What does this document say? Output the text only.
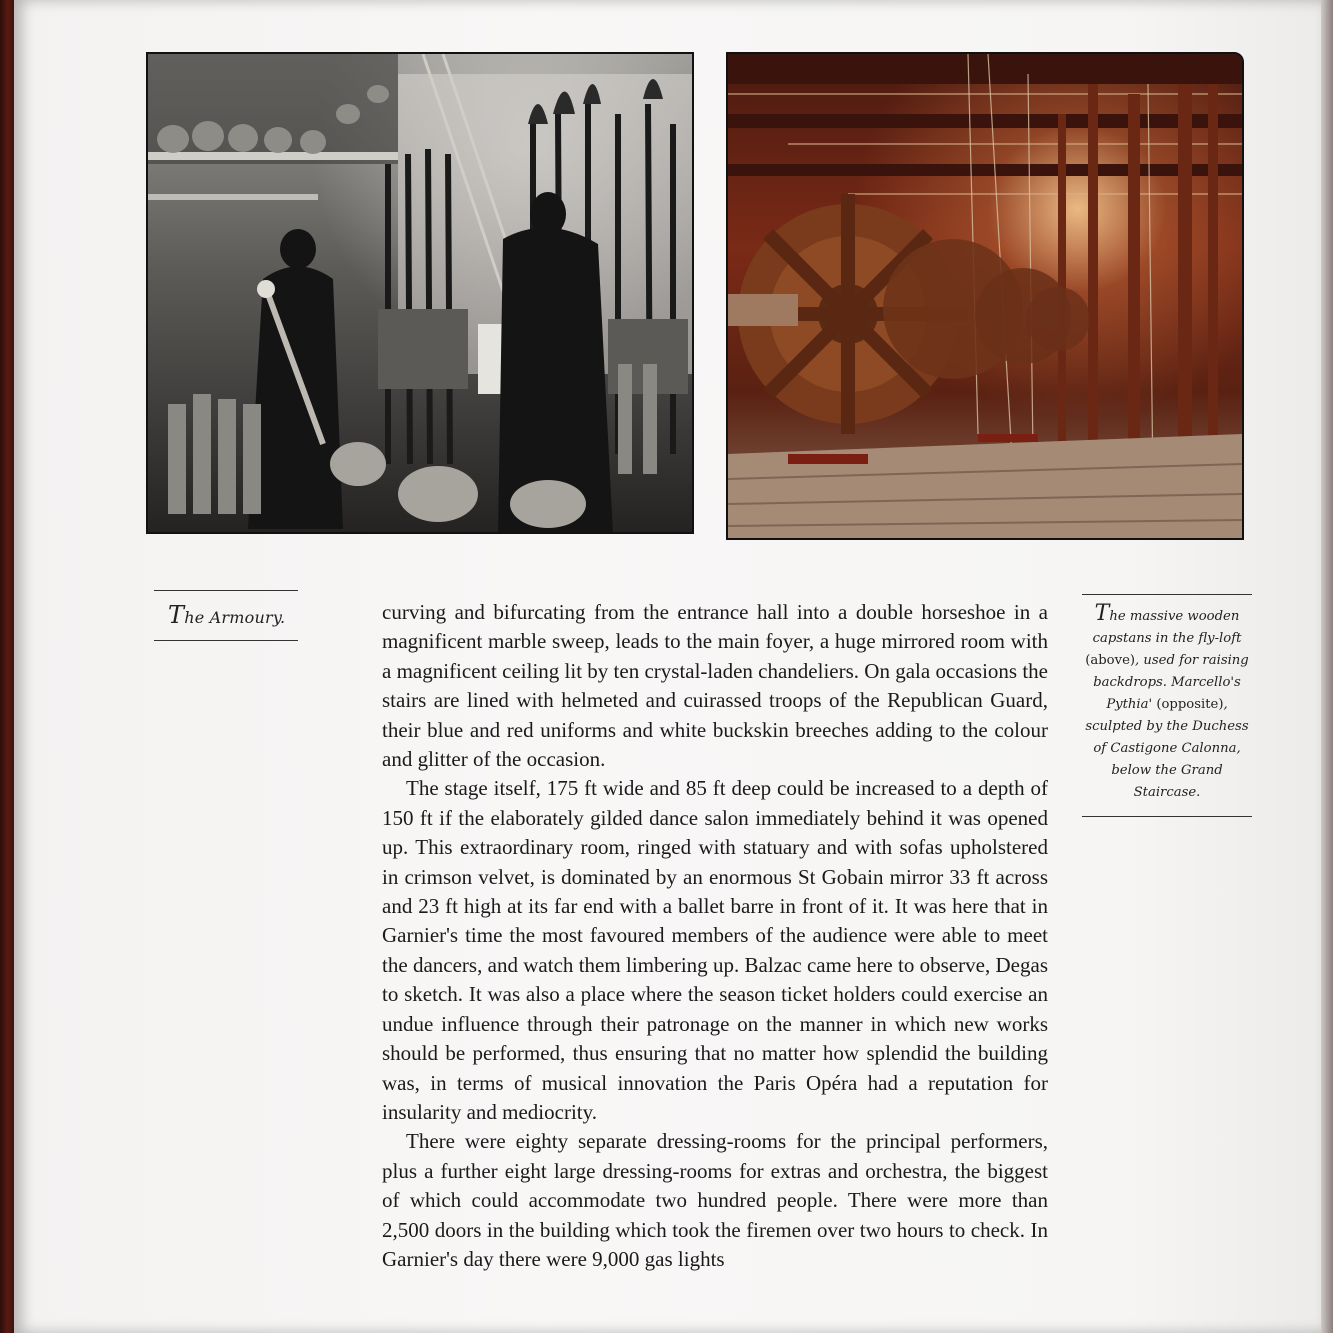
The Armoury.	curving and bifurcating from the entrance hall into a double horseshoe in a magnificent marble sweep, leads to the main foyer, a huge mirrored room with a magnificent ceiling lit by ten crystal-laden chandeliers. On gala occasions the stairs are lined with helmeted and cuirassed troops of the Republican Guard, their blue and red uniforms and white buckskin breeches adding to the colour and glitter of the occasion.

The stage itself, 175 ft wide and 85 ft deep could be increased to a depth of 150 ft if the elaborately gilded dance salon immediately behind it was opened up. This extraordinary room, ringed with statuary and with sofas upholstered in crimson velvet, is dominated by an enormous St Gobain mirror 33 ft across and 23 ft high at its far end with a ballet barre in front of it. It was here that in Garnier's time the most favoured members of the audience were able to meet the dancers, and watch them limbering up. Balzac came here to observe, Degas to sketch. It was also a place where the season ticket holders could exercise an undue influence through their patronage on the manner in which new works should be performed, thus ensuring that no matter how splendid the building was, in terms of musical innovation the Paris Opéra had a reputation for insularity and mediocrity.

There were eighty separate dressing-rooms for the principal performers, plus a further eight large dressing-rooms for extras and orchestra, the biggest of which could accommodate two hundred people. There were more than 2,500 doors in the building which took the firemen over two hours to check. In Garnier's day there were 9,000 gas lights

The massive wooden capstans in the fly-loft (above), used for raising backdrops. Marcello's Pythia' (opposite), sculpted by the Duchess of Castigone Calonna, below the Grand Staircase.
